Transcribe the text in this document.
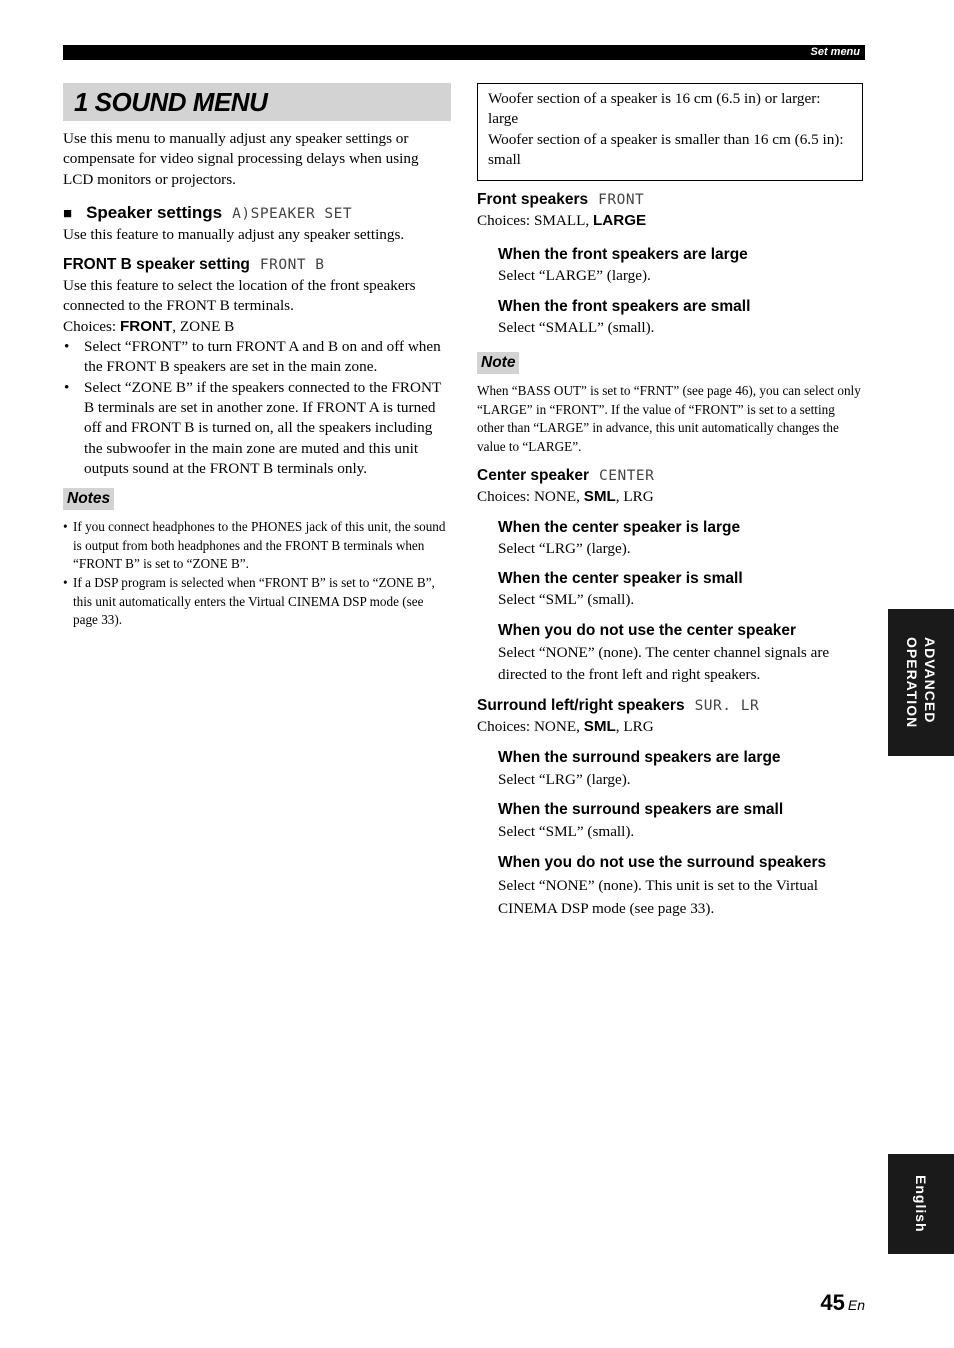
Set menu
1 SOUND MENU

Use this menu to manually adjust any speaker settings or compensate for video signal processing delays when using LCD monitors or projectors.

■ Speaker settings A)SPEAKER SET

Use this feature to manually adjust any speaker settings.

FRONT B speaker setting FRONT B

Use this feature to select the location of the front speakers connected to the FRONT B terminals.

Choices: FRONT, ZONE B

• Select “FRONT” to turn FRONT A and B on and off when the FRONT B speakers are set in the main zone.
• Select “ZONE B” if the speakers connected to the FRONT B terminals are set in another zone. If FRONT A is turned off and FRONT B is turned on, all the speakers including the subwoofer in the main zone are muted and this unit outputs sound at the FRONT B terminals only.
Notes
• If you connect headphones to the PHONES jack of this unit, the sound is output from both headphones and the FRONT B terminals when “FRONT B” is set to “ZONE B”.
• If a DSP program is selected when “FRONT B” is set to “ZONE B”, this unit automatically enters the Virtual CINEMA DSP mode (see page 33).

Woofer section of a speaker is 16 cm (6.5 in) or larger: large

Woofer section of a speaker is smaller than 16 cm (6.5 in): small

Front speakers FRONT

Choices: SMALL, LARGE

When the front speakers are large

Select “LARGE” (large).

When the front speakers are small

Select “SMALL” (small).

Note

When “BASS OUT” is set to “FRNT” (see page 46), you can select only “LARGE” in “FRONT”. If the value of “FRONT” is set to a setting other than “LARGE” in advance, this unit automatically changes the value to “LARGE”.

Center speaker CENTER

Choices: NONE, SML, LRG

When the center speaker is large

Select “LRG” (large).

When the center speaker is small

Select “SML” (small).

When you do not use the center speaker

Select “NONE” (none). The center channel signals are directed to the front left and right speakers.

Surround left/right speakers SUR. LR

Choices: NONE, SML, LRG

When the surround speakers are large

Select “LRG” (large).

When the surround speakers are small

Select “SML” (small).

When you do not use the surround speakers

Select “NONE” (none). This unit is set to the Virtual CINEMA DSP mode (see page 33).

ADVANCED
OPERATION
English
45 En
